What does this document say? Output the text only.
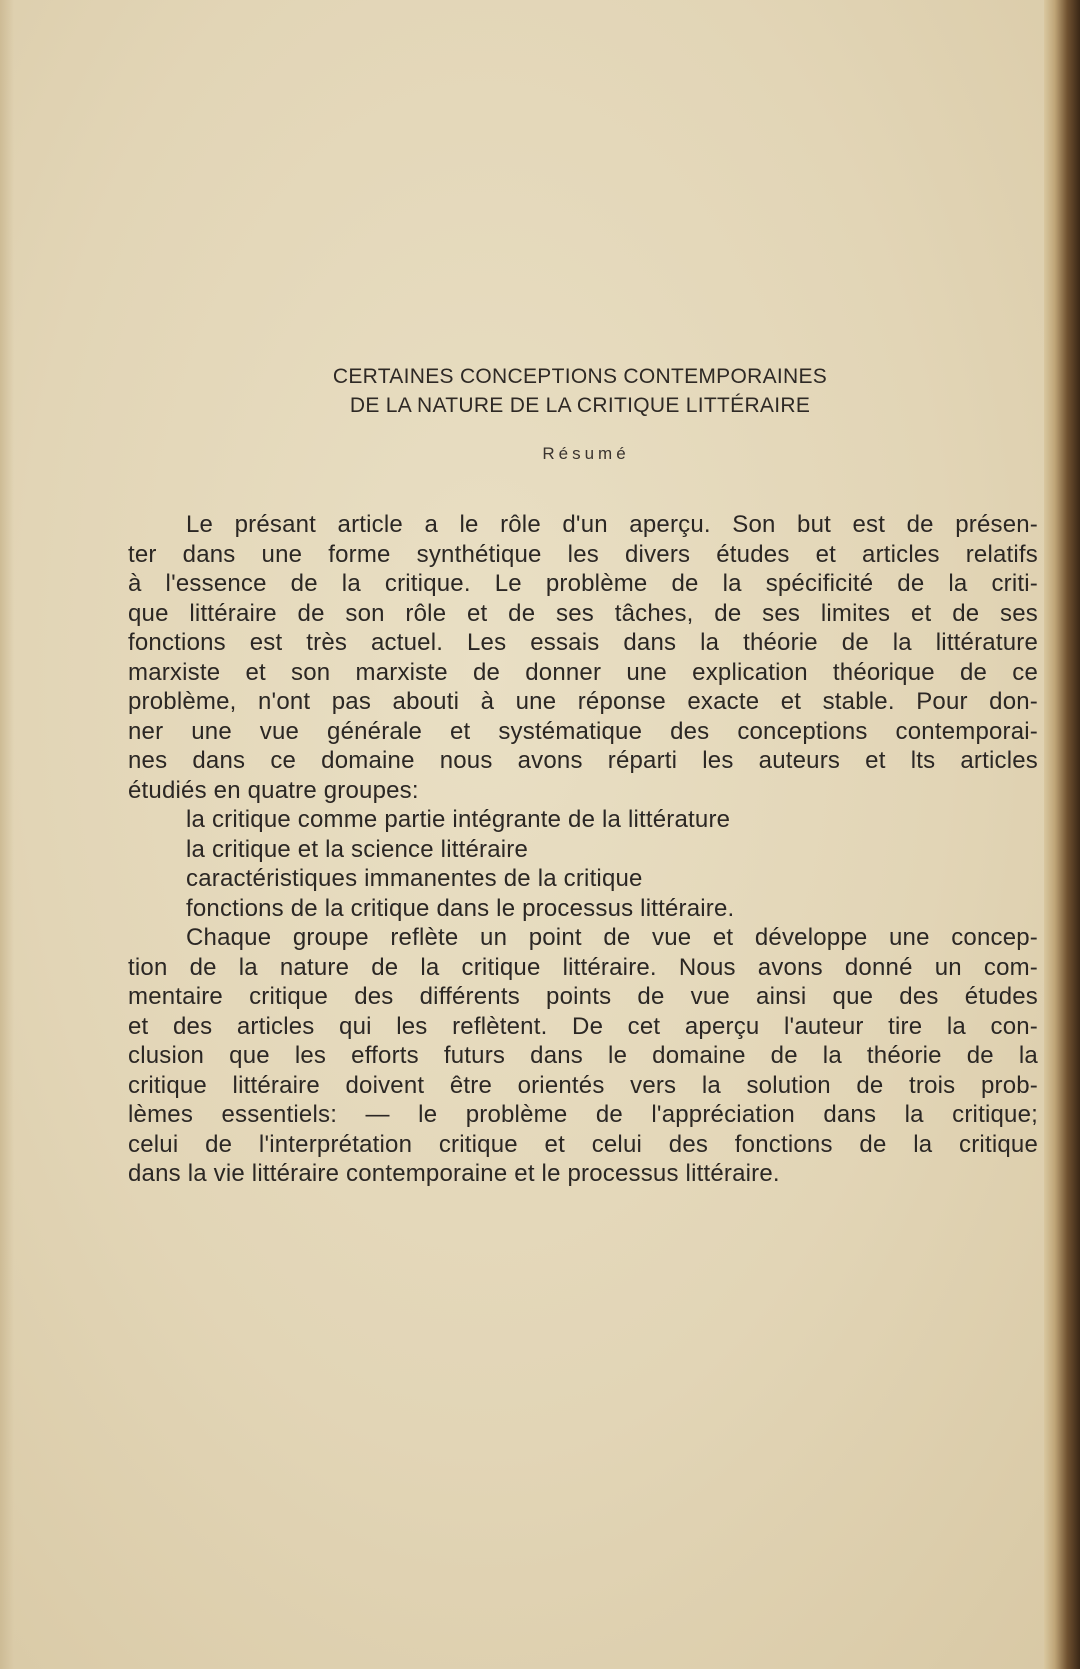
CERTAINES CONCEPTIONS CONTEMPORAINES
DE LA NATURE DE LA CRITIQUE LITTÉRAIRE
Résumé
Le présant article a le rôle d'un aperçu. Son but est de présen-
ter dans une forme synthétique les divers études et articles relatifs
à l'essence de la critique. Le problème de la spécificité de la criti-
que littéraire de son rôle et de ses tâches, de ses limites et de ses
fonctions est très actuel. Les essais dans la théorie de la littérature
marxiste et son marxiste de donner une explication théorique de ce
problème, n'ont pas abouti à une réponse exacte et stable. Pour don-
ner une vue générale et systématique des conceptions contemporai-
nes dans ce domaine nous avons réparti les auteurs et lts articles
étudiés en quatre groupes:
la critique comme partie intégrante de la littérature
la critique et la science littéraire
caractéristiques immanentes de la critique
fonctions de la critique dans le processus littéraire.
Chaque groupe reflète un point de vue et développe une concep-
tion de la nature de la critique littéraire. Nous avons donné un com-
mentaire critique des différents points de vue ainsi que des études
et des articles qui les reflètent. De cet aperçu l'auteur tire la con-
clusion que les efforts futurs dans le domaine de la théorie de la
critique littéraire doivent être orientés vers la solution de trois prob-
lèmes essentiels: — le problème de l'appréciation dans la critique;
celui de l'interprétation critique et celui des fonctions de la critique
dans la vie littéraire contemporaine et le processus littéraire.
